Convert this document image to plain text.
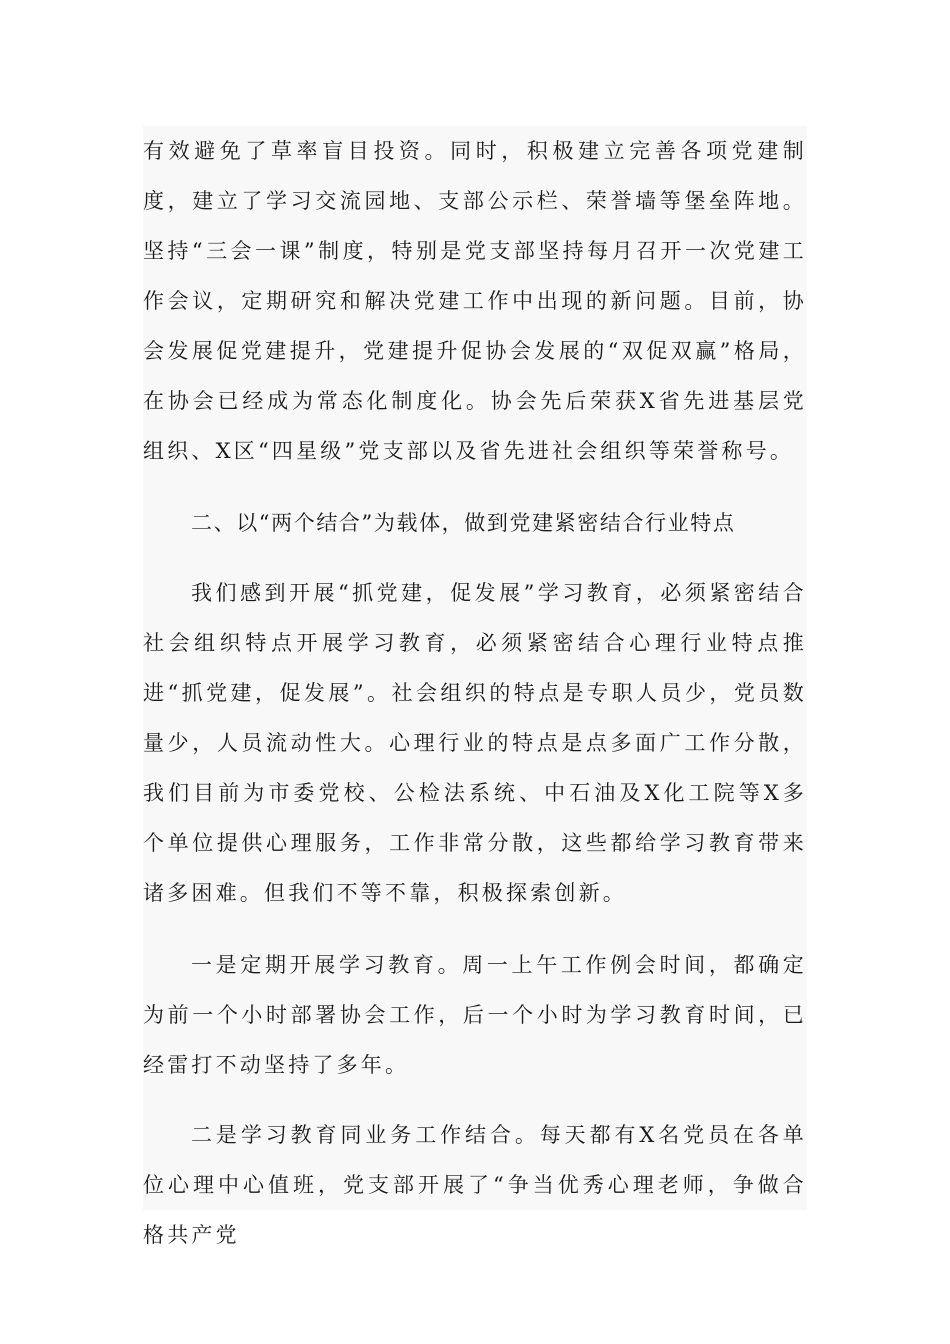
有效避免了草率盲目投资。同时，积极建立完善各项党建制度，建立了学习交流园地、支部公示栏、荣誉墙等堡垒阵地。坚持“三会一课”制度，特别是党支部坚持每月召开一次党建工作会议，定期研究和解决党建工作中出现的新问题。目前，协会发展促党建提升，党建提升促协会发展的“双促双赢”格局，在协会已经成为常态化制度化。协会先后荣获X省先进基层党组织、X区“四星级”党支部以及省先进社会组织等荣誉称号。

二、以“两个结合”为载体，做到党建紧密结合行业特点

我们感到开展“抓党建，促发展”学习教育，必须紧密结合社会组织特点开展学习教育，必须紧密结合心理行业特点推进“抓党建，促发展”。社会组织的特点是专职人员少，党员数量少，人员流动性大。心理行业的特点是点多面广工作分散，我们目前为市委党校、公检法系统、中石油及X化工院等X多个单位提供心理服务，工作非常分散，这些都给学习教育带来诸多困难。但我们不等不靠，积极探索创新。

一是定期开展学习教育。周一上午工作例会时间，都确定为前一个小时部署协会工作，后一个小时为学习教育时间，已经雷打不动坚持了多年。

二是学习教育同业务工作结合。每天都有X名党员在各单位心理中心值班，党支部开展了“争当优秀心理老师，争做合格共产党
